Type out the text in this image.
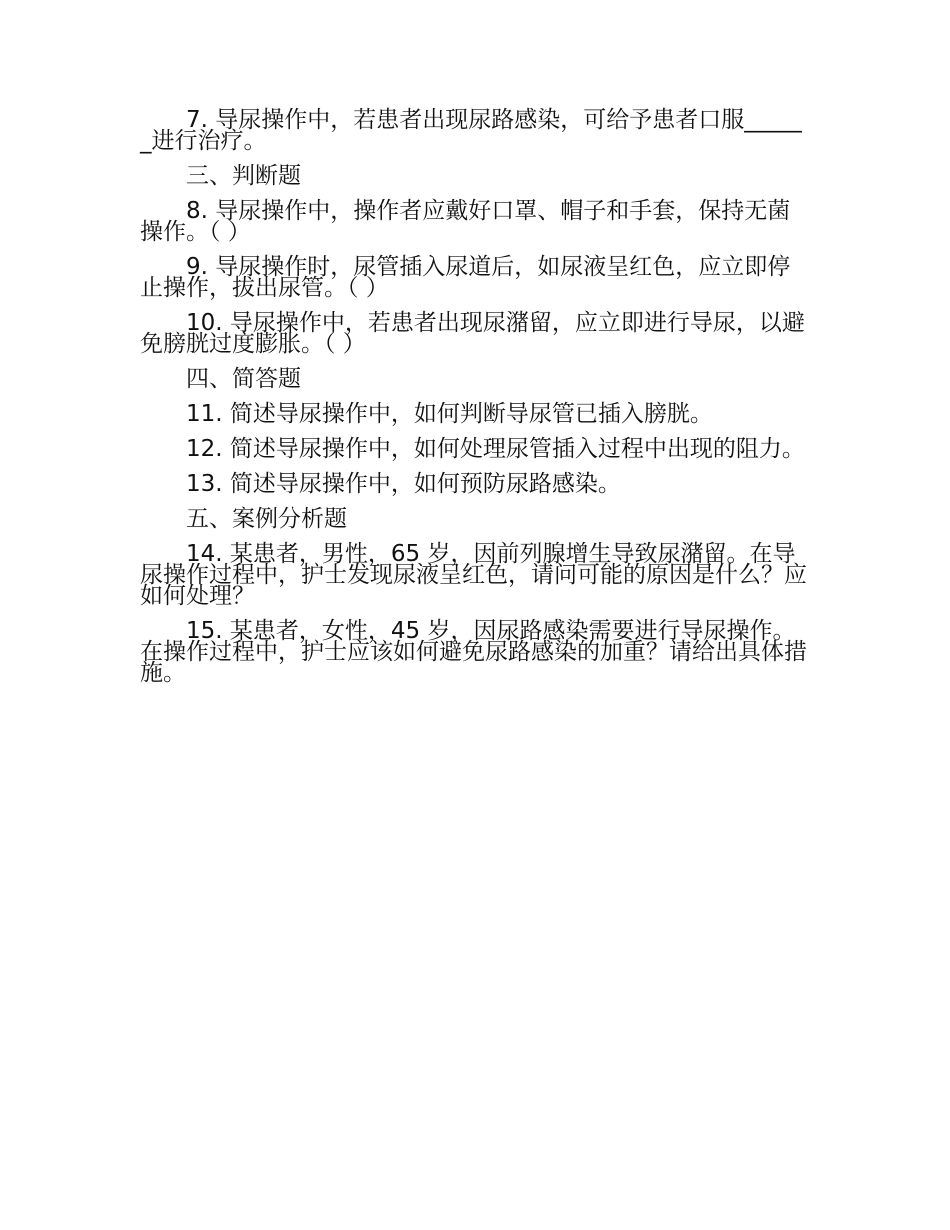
7. 导尿操作中，若患者出现尿路感染，可给予患者口服______进行治疗。

三、判断题

8. 导尿操作中，操作者应戴好口罩、帽子和手套，保持无菌操作。（ ）

9. 导尿操作时，尿管插入尿道后，如尿液呈红色，应立即停止操作，拔出尿管。（ ）

10. 导尿操作中，若患者出现尿潴留，应立即进行导尿，以避免膀胱过度膨胀。（ ）

四、简答题

11. 简述导尿操作中，如何判断导尿管已插入膀胱。

12. 简述导尿操作中，如何处理尿管插入过程中出现的阻力。

13. 简述导尿操作中，如何预防尿路感染。

五、案例分析题

14. 某患者，男性，65 岁，因前列腺增生导致尿潴留。在导尿操作过程中，护士发现尿液呈红色，请问可能的原因是什么？应如何处理？

15. 某患者，女性，45 岁，因尿路感染需要进行导尿操作。在操作过程中，护士应该如何避免尿路感染的加重？请给出具体措施。
